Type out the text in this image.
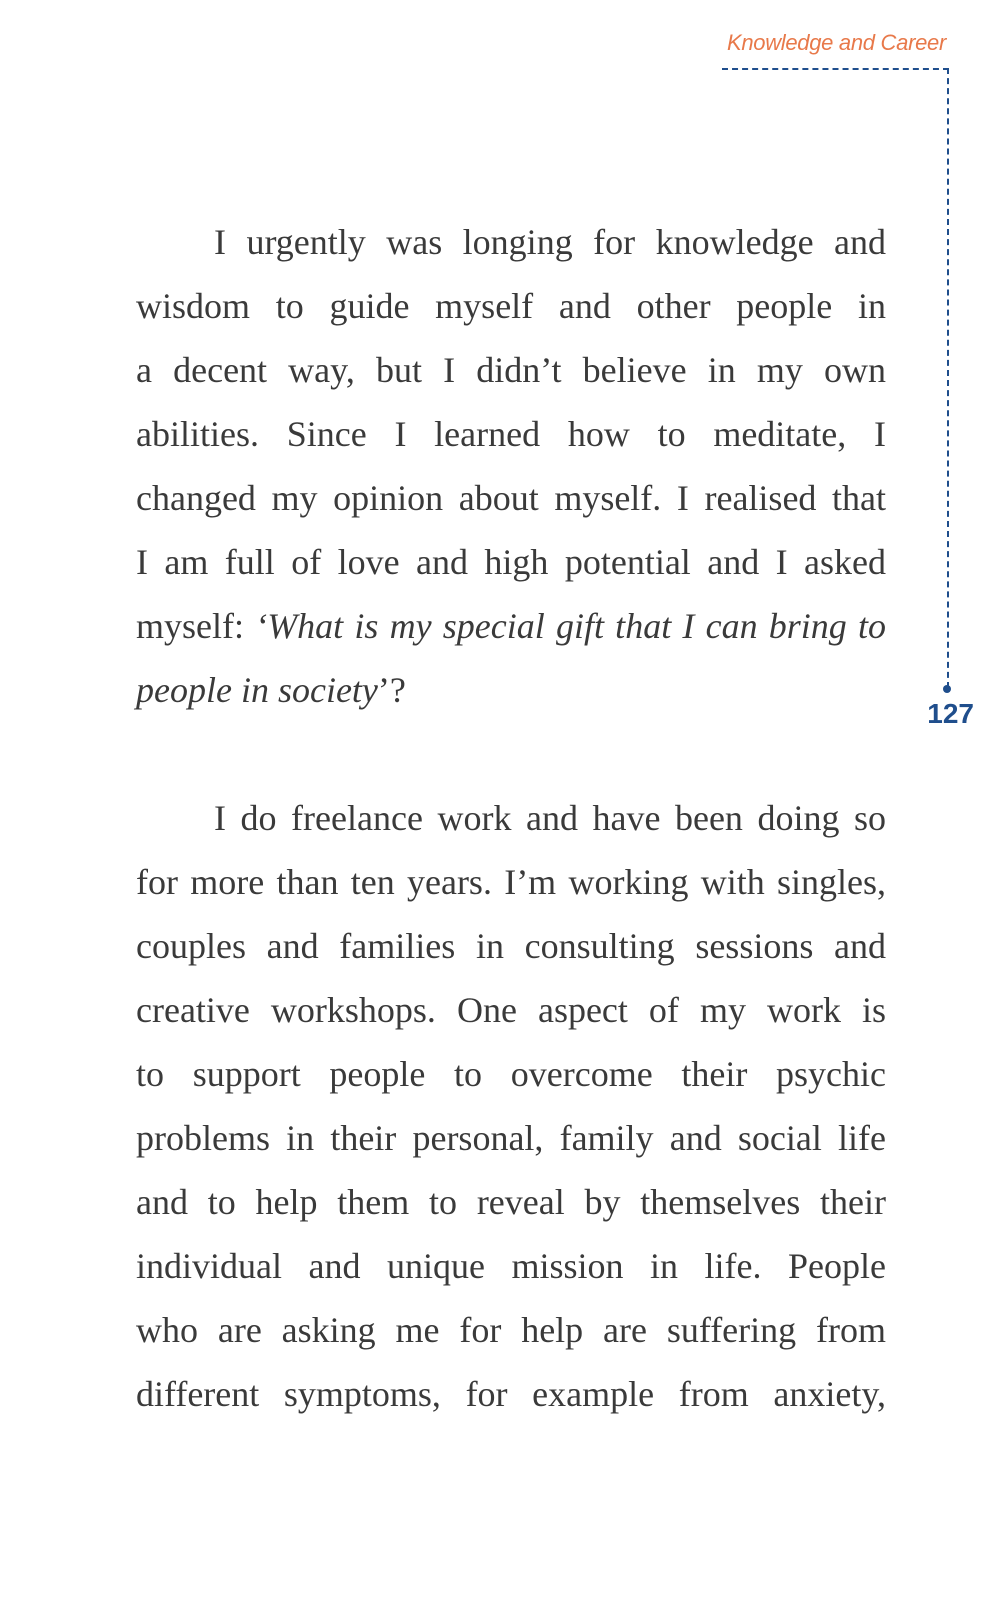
Knowledge and Career
127
I urgently was longing for knowledge and
wisdom to guide myself and other people in
a decent way, but I didn’t believe in my own
abilities. Since I learned how to meditate, I
changed my opinion about myself. I realised that
I am full of love and high potential and I asked
myself: ‘What is my special gift that I can bring to
people in society’?
I do freelance work and have been doing so
for more than ten years. I’m working with singles,
couples and families in consulting sessions and
creative workshops. One aspect of my work is
to support people to overcome their psychic
problems in their personal, family and social life
and to help them to reveal by themselves their
individual and unique mission in life. People
who are asking me for help are suffering from
different symptoms, for example from anxiety,
